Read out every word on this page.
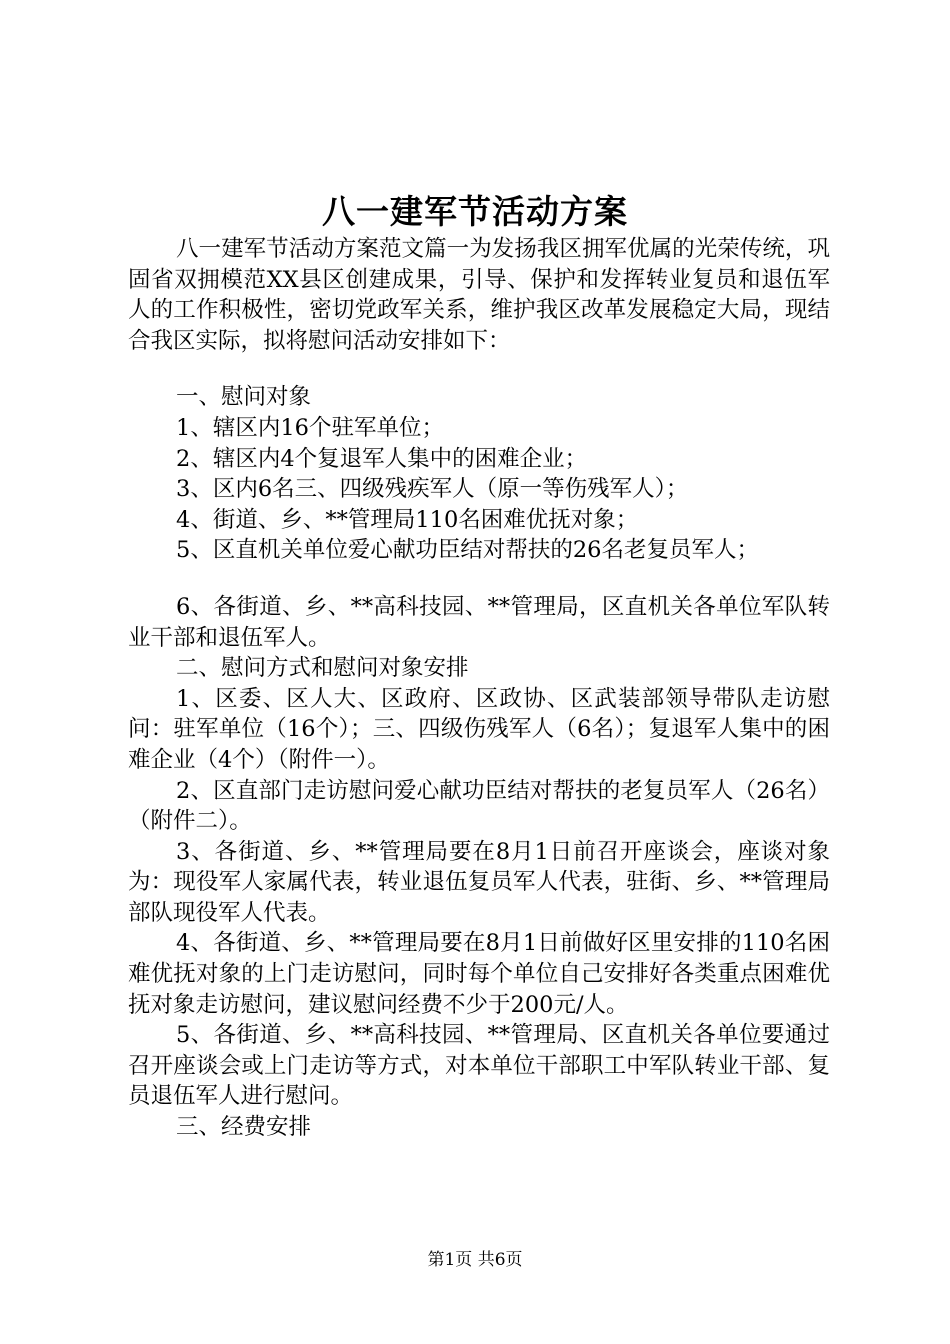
八一建军节活动方案

八一建军节活动方案范文篇一为发扬我区拥军优属的光荣传统，巩固省双拥模范XX县区创建成果，引导、保护和发挥转业复员和退伍军人的工作积极性，密切党政军关系，维护我区改革发展稳定大局，现结合我区实际，拟将慰问活动安排如下：

一、慰问对象

1、辖区内16个驻军单位；

2、辖区内4个复退军人集中的困难企业；

3、区内6名三、四级残疾军人（原一等伤残军人）；

4、街道、乡、**管理局110名困难优抚对象；

5、区直机关单位爱心献功臣结对帮扶的26名老复员军人；

6、各街道、乡、**高科技园、**管理局，区直机关各单位军队转业干部和退伍军人。

二、慰问方式和慰问对象安排

1、区委、区人大、区政府、区政协、区武装部领导带队走访慰问：驻军单位（16个）；三、四级伤残军人（6名）；复退军人集中的困难企业（4个）（附件一）。

2、区直部门走访慰问爱心献功臣结对帮扶的老复员军人（26名）（附件二）。

3、各街道、乡、**管理局要在8月1日前召开座谈会，座谈对象为：现役军人家属代表，转业退伍复员军人代表，驻街、乡、**管理局部队现役军人代表。

4、各街道、乡、**管理局要在8月1日前做好区里安排的110名困难优抚对象的上门走访慰问，同时每个单位自己安排好各类重点困难优抚对象走访慰问，建议慰问经费不少于200元/人。

5、各街道、乡、**高科技园、**管理局、区直机关各单位要通过召开座谈会或上门走访等方式，对本单位干部职工中军队转业干部、复员退伍军人进行慰问。

三、经费安排

第1页 共6页
